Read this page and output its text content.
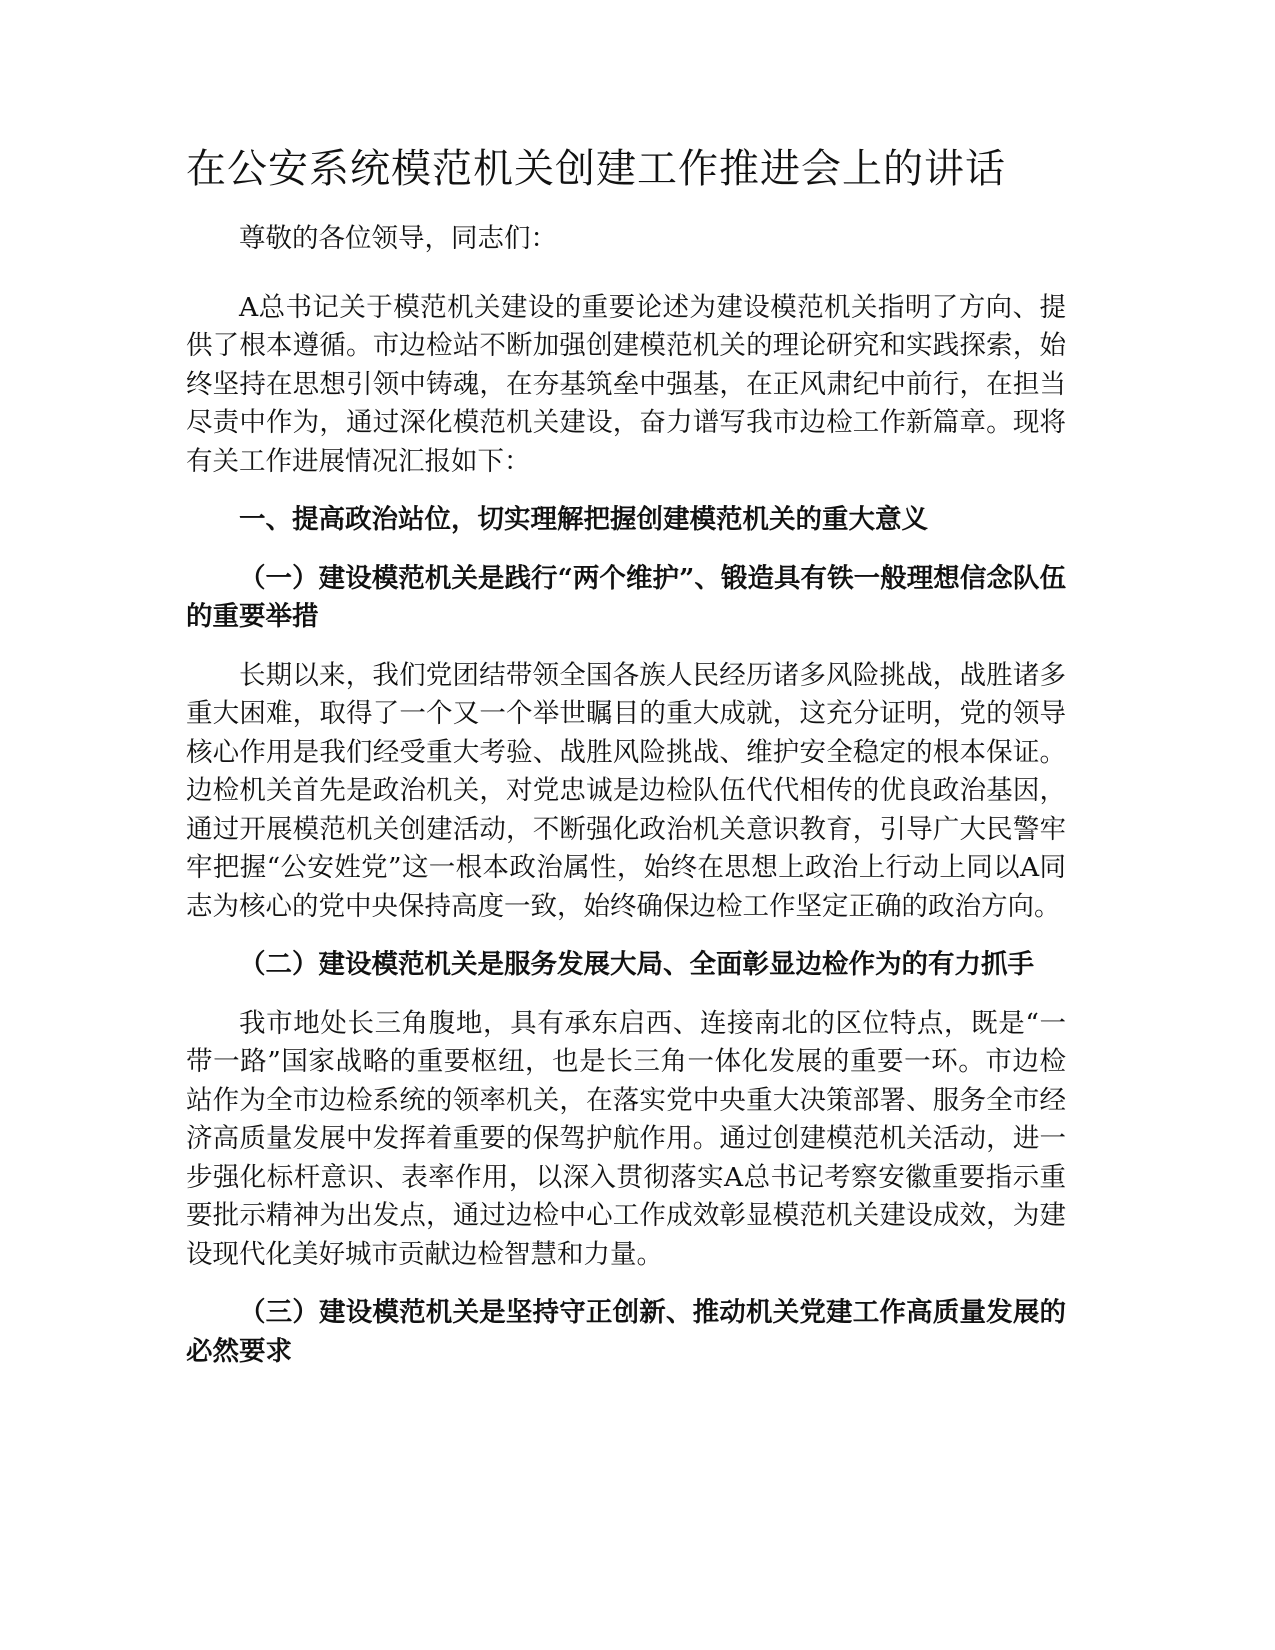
在公安系统模范机关创建工作推进会上的讲话

尊敬的各位领导，同志们：

A总书记关于模范机关建设的重要论述为建设模范机关指明了方向、提供了根本遵循。市边检站不断加强创建模范机关的理论研究和实践探索，始终坚持在思想引领中铸魂，在夯基筑垒中强基，在正风肃纪中前行，在担当尽责中作为，通过深化模范机关建设，奋力谱写我市边检工作新篇章。现将有关工作进展情况汇报如下：

一、提高政治站位，切实理解把握创建模范机关的重大意义

（一）建设模范机关是践行“两个维护”、锻造具有铁一般理想信念队伍的重要举措

长期以来，我们党团结带领全国各族人民经历诸多风险挑战，战胜诸多重大困难，取得了一个又一个举世瞩目的重大成就，这充分证明，党的领导核心作用是我们经受重大考验、战胜风险挑战、维护安全稳定的根本保证。边检机关首先是政治机关，对党忠诚是边检队伍代代相传的优良政治基因，通过开展模范机关创建活动，不断强化政治机关意识教育，引导广大民警牢牢把握“公安姓党”这一根本政治属性，始终在思想上政治上行动上同以A同志为核心的党中央保持高度一致，始终确保边检工作坚定正确的政治方向。

（二）建设模范机关是服务发展大局、全面彰显边检作为的有力抓手

我市地处长三角腹地，具有承东启西、连接南北的区位特点，既是“一带一路”国家战略的重要枢纽，也是长三角一体化发展的重要一环。市边检站作为全市边检系统的领率机关，在落实党中央重大决策部署、服务全市经济高质量发展中发挥着重要的保驾护航作用。通过创建模范机关活动，进一步强化标杆意识、表率作用，以深入贯彻落实A总书记考察安徽重要指示重要批示精神为出发点，通过边检中心工作成效彰显模范机关建设成效，为建设现代化美好城市贡献边检智慧和力量。

（三）建设模范机关是坚持守正创新、推动机关党建工作高质量发展的必然要求
